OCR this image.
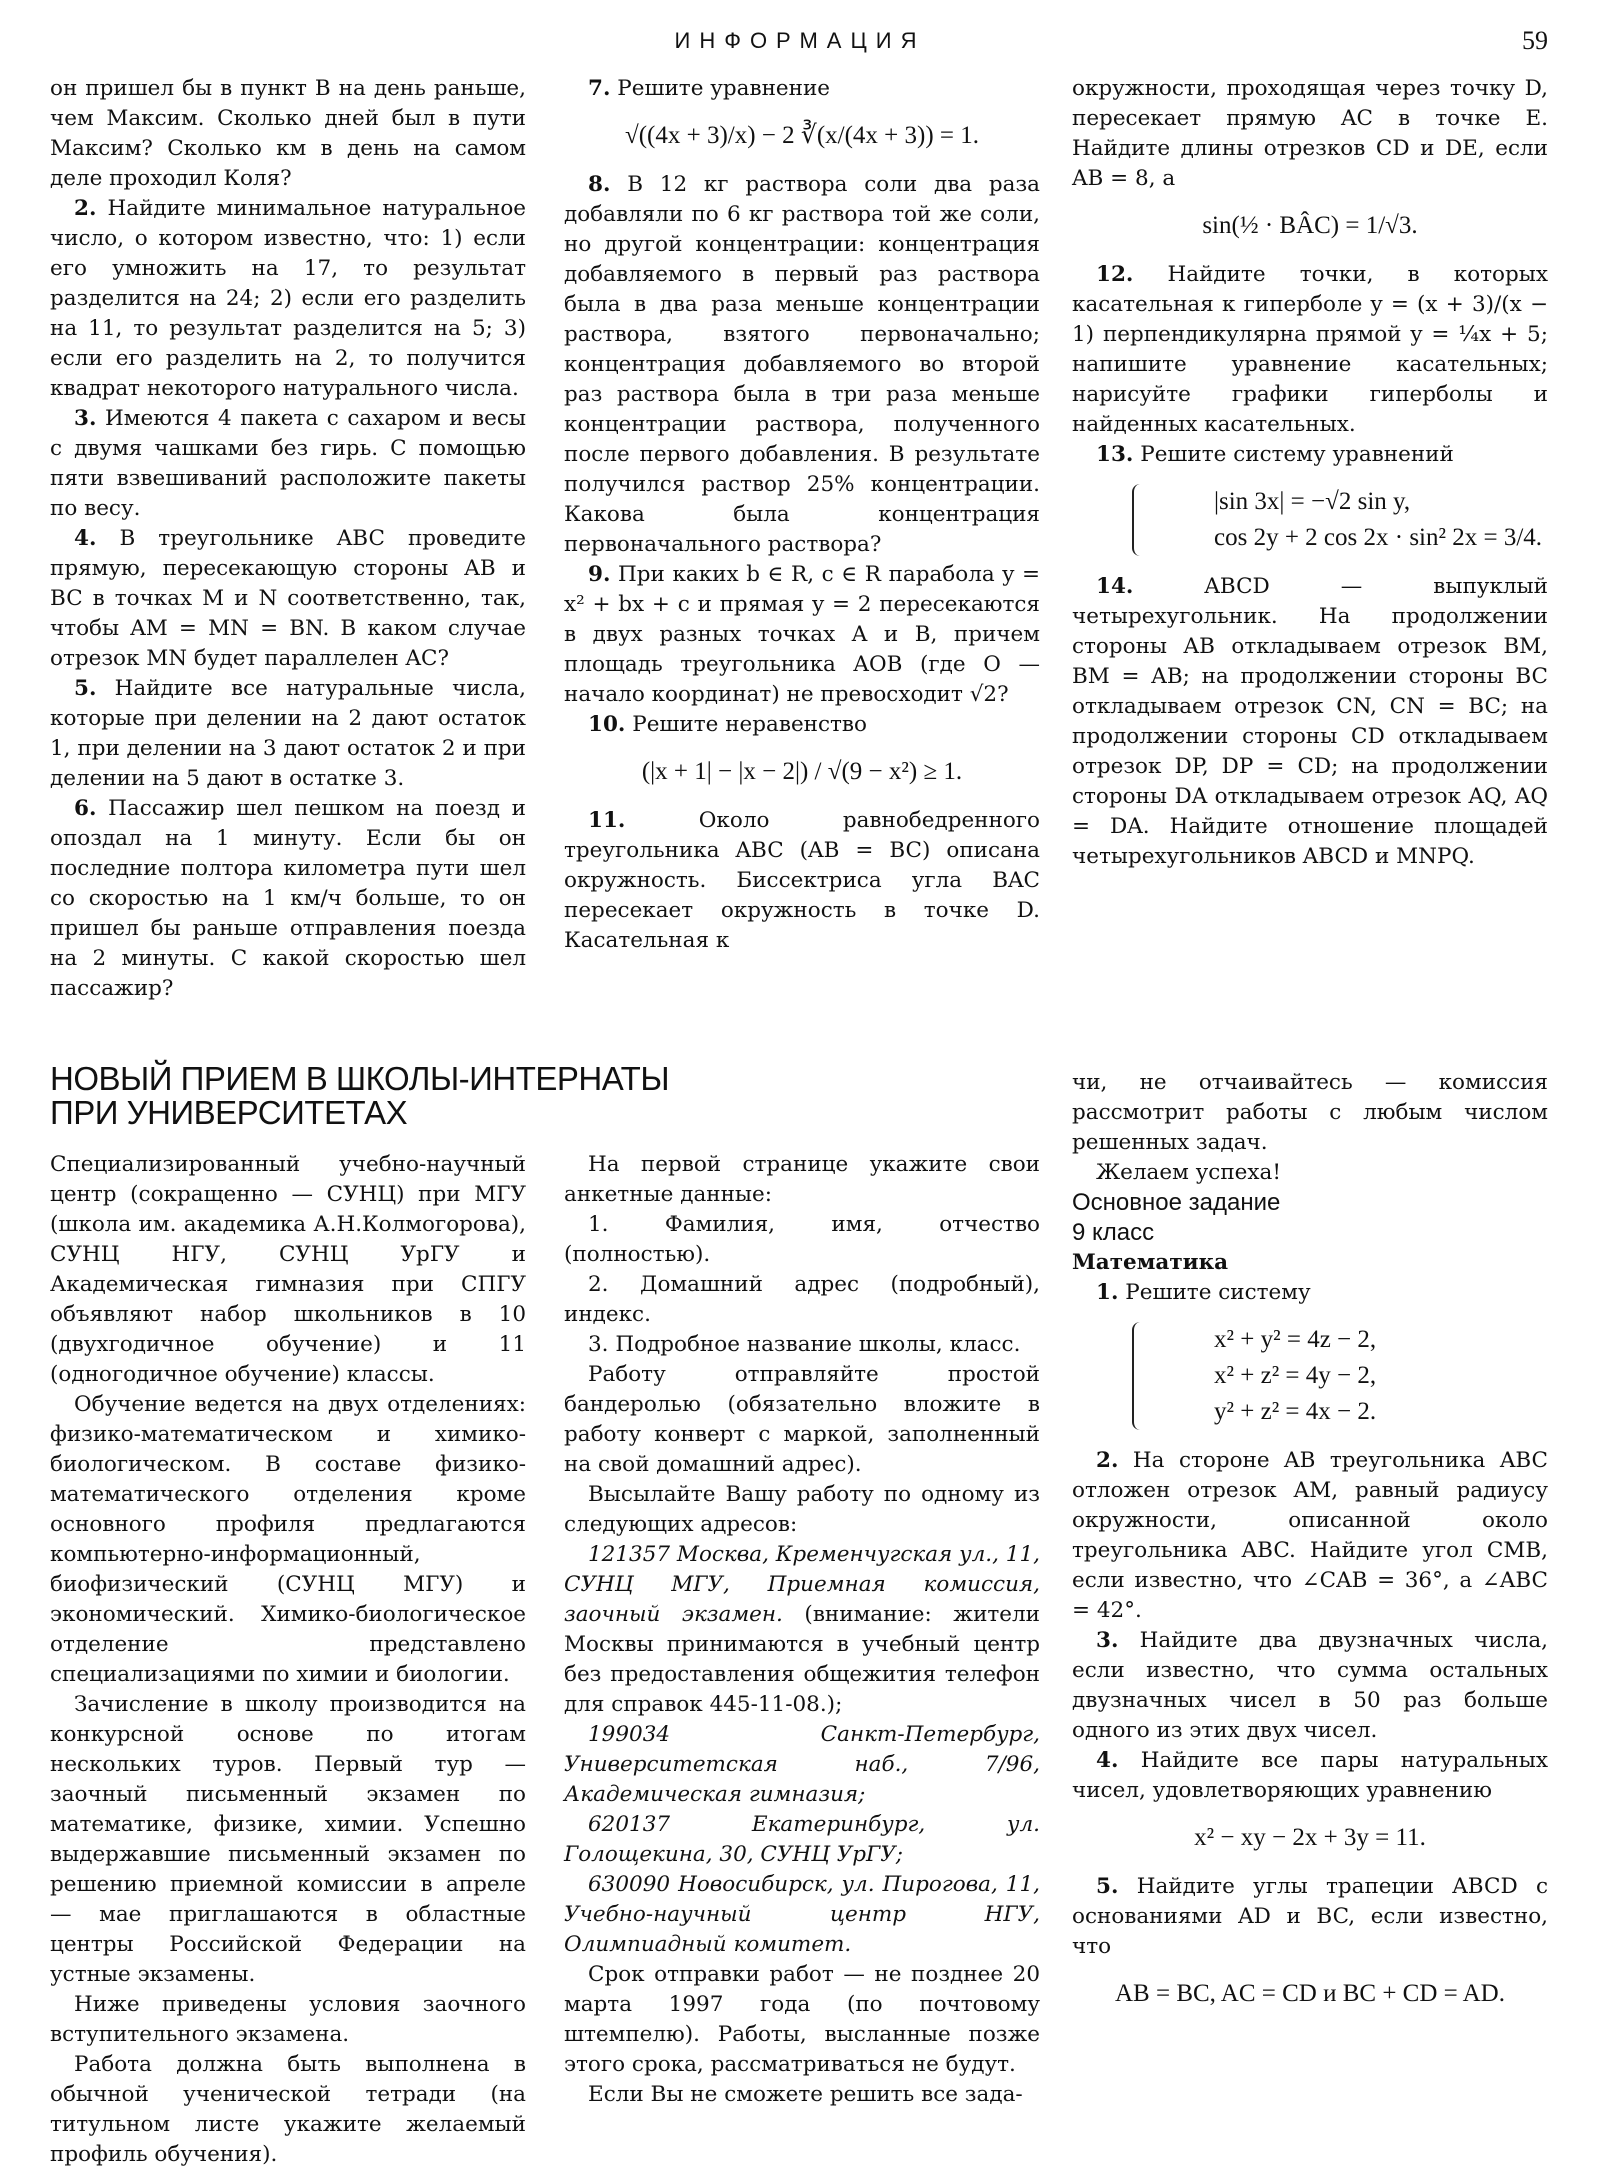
ИНФОРМАЦИЯ	59

он пришел бы в пункт B на день раньше, чем Максим. Сколько дней был в пути Максим? Сколько км в день на самом деле проходил Коля?

2. Найдите минимальное натуральное число, о котором известно, что: 1) если его умножить на 17, то результат разделится на 24; 2) если его разделить на 11, то результат разделится на 5; 3) если его разделить на 2, то получится квадрат некоторого натурального числа.

3. Имеются 4 пакета с сахаром и весы с двумя чашками без гирь. С помощью пяти взвешиваний расположите пакеты по весу.

4. В треугольнике ABC проведите прямую, пересекающую стороны AB и BC в точках M и N соответственно, так, чтобы AM = MN = BN. В каком случае отрезок MN будет параллелен AC?

5. Найдите все натуральные числа, которые при делении на 2 дают остаток 1, при делении на 3 дают остаток 2 и при делении на 5 дают в остатке 3.

6. Пассажир шел пешком на поезд и опоздал на 1 минуту. Если бы он последние полтора километра пути шел со скоростью на 1 км/ч больше, то он пришел бы раньше отправления поезда на 2 минуты. С какой скоростью шел пассажир?

7. Решите уравнение

√((4x + 3)/x) − 2 ∛(x/(4x + 3)) = 1.

8. В 12 кг раствора соли два раза добавляли по 6 кг раствора той же соли, но другой концентрации: концентрация добавляемого в первый раз раствора была в два раза меньше концентрации раствора, взятого первоначально; концентрация добавляемого во второй раз раствора была в три раза меньше концентрации раствора, полученного после первого добавления. В результате получился раствор 25% концентрации. Какова была концентрация первоначального раствора?

9. При каких b ∈ R, c ∈ R парабола y = x² + bx + c и прямая y = 2 пересекаются в двух разных точках A и B, причем площадь треугольника AOB (где O — начало координат) не превосходит √2?

10. Решите неравенство

(|x + 1| − |x − 2|) / √(9 − x²) ≥ 1.

11. Около равнобедренного треугольника ABC (AB = BC) описана окружность. Биссектриса угла BAC пересекает окружность в точке D. Касательная к

окружности, проходящая через точку D, пересекает прямую AC в точке E. Найдите длины отрезков CD и DE, если AB = 8, а

sin(½ · BÂC) = 1/√3.

12. Найдите точки, в которых касательная к гиперболе y = (x + 3)/(x − 1) перпендикулярна прямой y = ¼x + 5; напишите уравнение касательных; нарисуйте графики гиперболы и найденных касательных.

13. Решите систему уравнений

|sin 3x| = −√2 sin y,
cos 2y + 2 cos 2x · sin² 2x = 3/4.

14. ABCD — выпуклый четырехугольник. На продолжении стороны AB откладываем отрезок BM, BM = AB; на продолжении стороны BC откладываем отрезок CN, CN = BC; на продолжении стороны CD откладываем отрезок DP, DP = CD; на продолжении стороны DA откладываем отрезок AQ, AQ = DA. Найдите отношение площадей четырехугольников ABCD и MNPQ.

НОВЫЙ ПРИЕМ В ШКОЛЫ-ИНТЕРНАТЫ
ПРИ УНИВЕРСИТЕТАХ

Специализированный учебно-научный центр (сокращенно — СУНЦ) при МГУ (школа им. академика А.Н.Колмогорова), СУНЦ НГУ, СУНЦ УрГУ и Академическая гимназия при СПГУ объявляют набор школьников в 10 (двухгодичное обучение) и 11 (одногодичное обучение) классы.

Обучение ведется на двух отделениях: физико-математическом и химико-биологическом. В составе физико-математического отделения кроме основного профиля предлагаются компьютерно-информационный, биофизический (СУНЦ МГУ) и экономический. Химико-биологическое отделение представлено специализациями по химии и биологии.

Зачисление в школу производится на конкурсной основе по итогам нескольких туров. Первый тур — заочный письменный экзамен по математике, физике, химии. Успешно выдержавшие письменный экзамен по решению приемной комиссии в апреле — мае приглашаются в областные центры Российской Федерации на устные экзамены.

Ниже приведены условия заочного вступительного экзамена.

Работа должна быть выполнена в обычной ученической тетради (на титульном листе укажите желаемый профиль обучения).

На первой странице укажите свои анкетные данные:

1. Фамилия, имя, отчество (полностью).

2. Домашний адрес (подробный), индекс.

3. Подробное название школы, класс.

Работу отправляйте простой бандеролью (обязательно вложите в работу конверт с маркой, заполненный на свой домашний адрес).

Высылайте Вашу работу по одному из следующих адресов:

121357 Москва, Кременчугская ул., 11, СУНЦ МГУ, Приемная комиссия, заочный экзамен. (внимание: жители Москвы принимаются в учебный центр без предоставления общежития телефон для справок 445-11-08.);

199034 Санкт-Петербург, Университетская наб., 7/96, Академическая гимназия;

620137 Екатеринбург, ул. Голощекина, 30, СУНЦ УрГУ;

630090 Новосибирск, ул. Пирогова, 11, Учебно-научный центр НГУ, Олимпиадный комитет.

Срок отправки работ — не позднее 20 марта 1997 года (по почтовому штемпелю). Работы, высланные позже этого срока, рассматриваться не будут.

Если Вы не сможете решить все зада-

чи, не отчаивайтесь — комиссия рассмотрит работы с любым числом решенных задач.

Желаем успеха!

Основное задание

9 класс

Математика

1. Решите систему

x² + y² = 4z − 2,
x² + z² = 4y − 2,
y² + z² = 4x − 2.

2. На стороне AB треугольника ABC отложен отрезок AM, равный радиусу окружности, описанной около треугольника ABC. Найдите угол CMB, если известно, что ∠CAB = 36°, а ∠ABC = 42°.

3. Найдите два двузначных числа, если известно, что сумма остальных двузначных чисел в 50 раз больше одного из этих двух чисел.

4. Найдите все пары натуральных чисел, удовлетворяющих уравнению

x² − xy − 2x + 3y = 11.

5. Найдите углы трапеции ABCD с основаниями AD и BC, если известно, что

AB = BC, AC = CD и BC + CD = AD.
